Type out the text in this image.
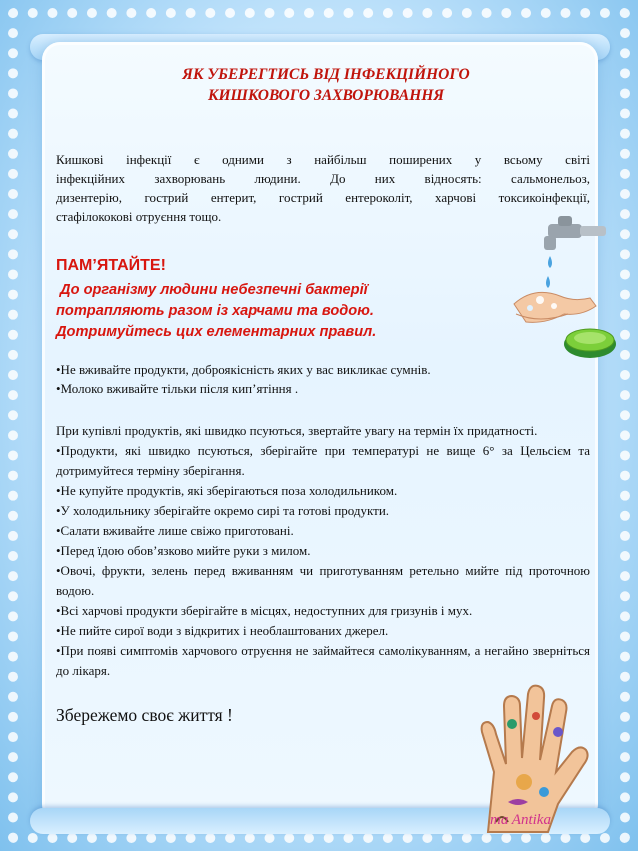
ЯК УБЕРЕГТИСЬ ВІД ІНФЕКЦІЙНОГО
КИШКОВОГО ЗАХВОРЮВАННЯ
Кишкові інфекції є одними з найбільш поширених у всьому світі
інфекційних захворювань людини. До них відносять: сальмонельоз,
дизентерію, гострий ентерит, гострий ентероколіт, харчові токсикоінфекції,
стафілококові отруєння тощо.
ПАМ’ЯТАЙТЕ!
До організму людини небезпечні бактерії
потрапляють разом із харчами та водою.
Дотримуйтесь цих елементарних правил.

•Не вживайте продукти, доброякісність яких у вас викликає сумнів.

•Молоко вживайте тільки після кип’ятіння .

При купівлі продуктів, які швидко псуються, звертайте увагу на термін їх придатності.

•Продукти, які швидко псуються, зберігайте при температурі не вище 6° за Цельсієм та дотримуйтеся терміну зберігання.

•Не купуйте продуктів, які зберігаються поза холодильником.

•У холодильнику зберігайте окремо сирі та готові продукти.

•Салати вживайте лише свіжо приготовані.

•Перед їдою обов’язково мийте руки з милом.

•Овочі, фрукти, зелень перед вживанням чи приготуванням ретельно мийте під проточною водою.

•Всі харчові продукти зберігайте в місцях, недоступних для гризунів і мух.

•Не пийте сирої води з відкритих і необлаштованих джерел.

•При появі симптомів харчового отруєння не займайтеся самолікуванням, а негайно зверніться до лікаря.

Збережемо своє життя !
ma Antika
